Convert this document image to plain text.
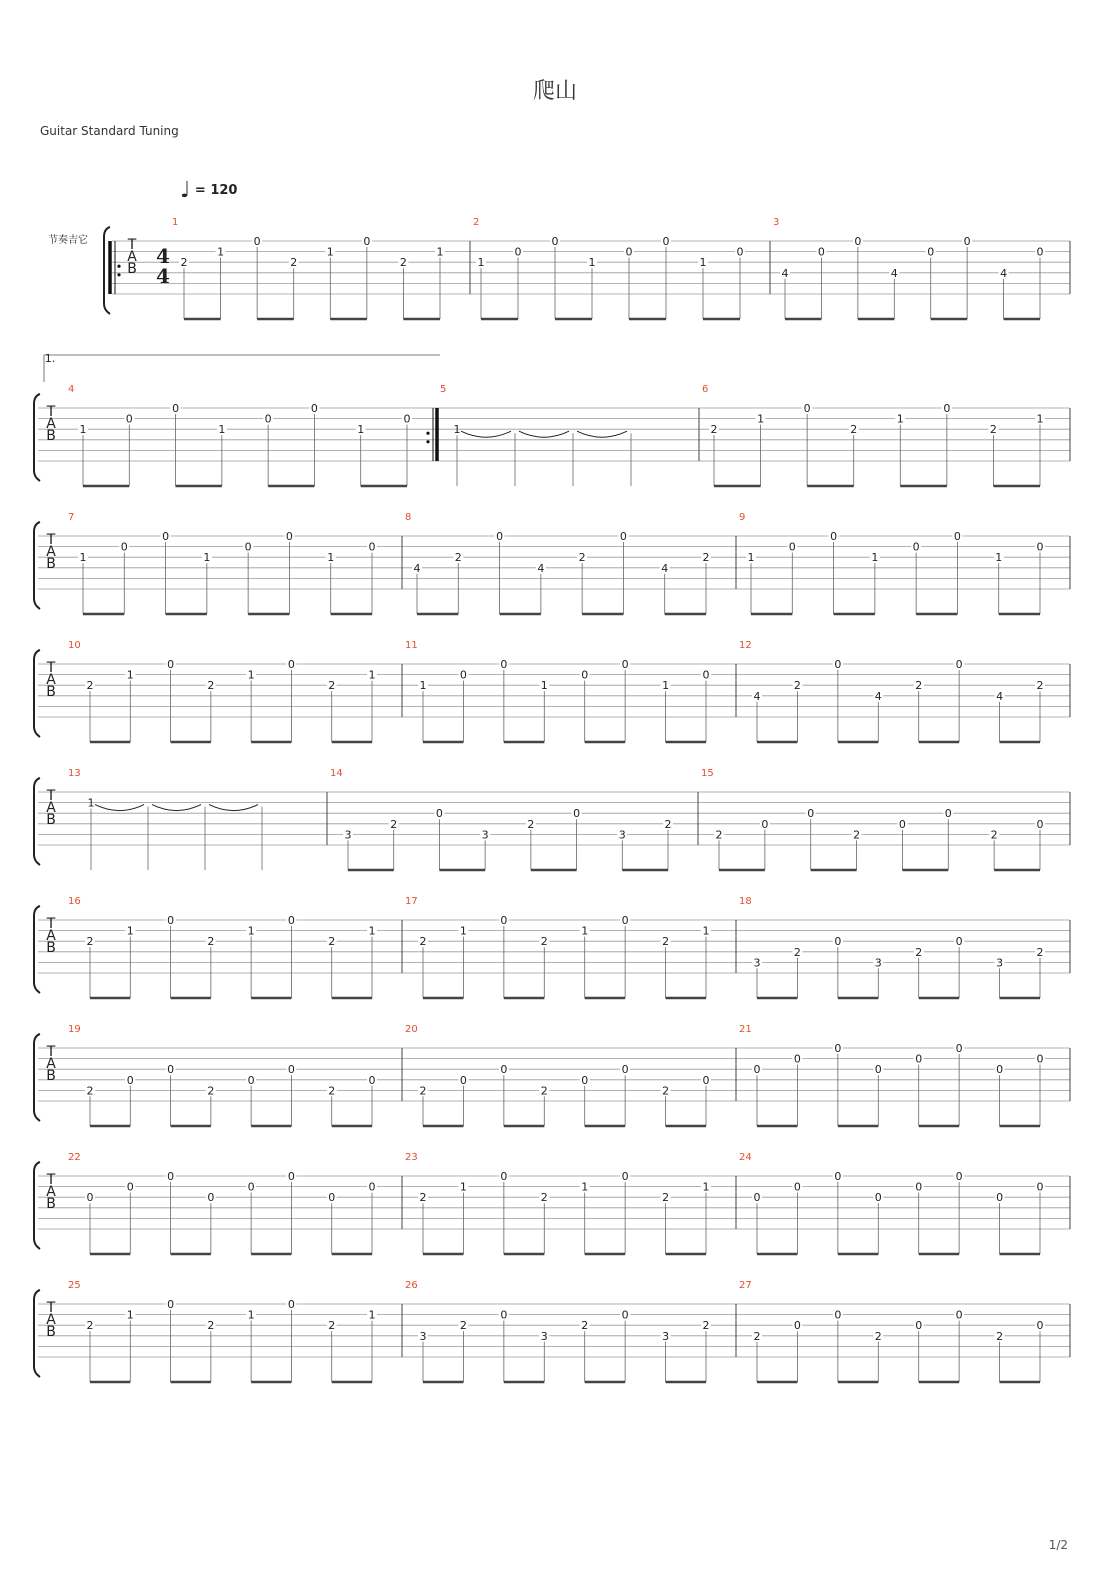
爬山
Guitar Standard Tuning
♩ = 120
节奏吉它
1/2
T
A
B
4
4
1
2
1
0
2
1
0
2
1
2
1
0
0
1
0
0
1
0
3
4
0
0
4
0
0
4
0
T
A
B
1.
4
1
0
0
1
0
0
1
0
5
1
6
2
1
0
2
1
0
2
1
T
A
B
7
1
0
0
1
0
0
1
0
8
4
2
0
4
2
0
4
2
9
1
0
0
1
0
0
1
0
T
A
B
10
2
1
0
2
1
0
2
1
11
1
0
0
1
0
0
1
0
12
4
2
0
4
2
0
4
2
T
A
B
13
1
14
3
2
0
3
2
0
3
2
15
2
0
0
2
0
0
2
0
T
A
B
16
2
1
0
2
1
0
2
1
17
2
1
0
2
1
0
2
1
18
3
2
0
3
2
0
3
2
T
A
B
19
2
0
0
2
0
0
2
0
20
2
0
0
2
0
0
2
0
21
0
0
0
0
0
0
0
0
T
A
B
22
0
0
0
0
0
0
0
0
23
2
1
0
2
1
0
2
1
24
0
0
0
0
0
0
0
0
T
A
B
25
2
1
0
2
1
0
2
1
26
3
2
0
3
2
0
3
2
27
2
0
0
2
0
0
2
0
